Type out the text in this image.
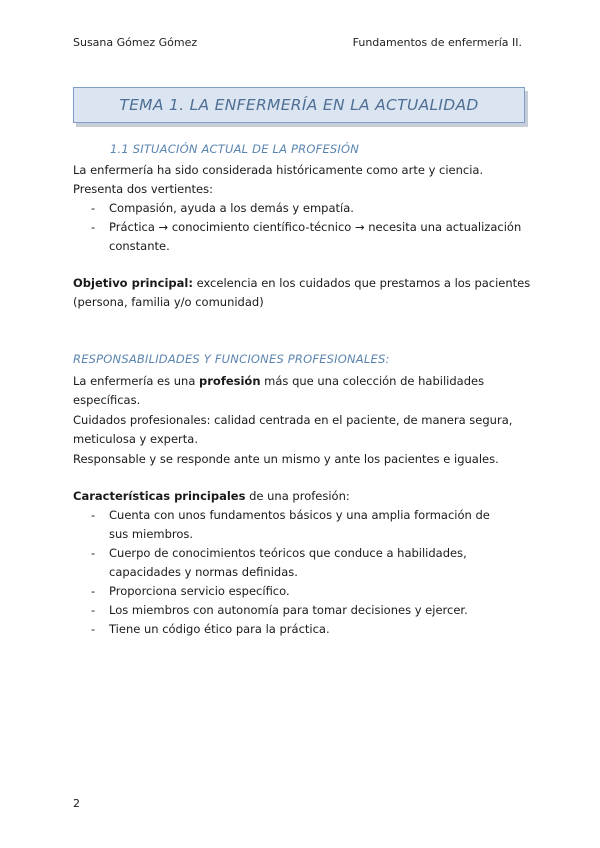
Susana Gómez Gómez	Fundamentos de enfermería II.
TEMA 1. LA ENFERMERÍA EN LA ACTUALIDAD
1.1 SITUACIÓN ACTUAL DE LA PROFESIÓN
La enfermería ha sido considerada históricamente como arte y ciencia.
Presenta dos vertientes:
- Compasión, ayuda a los demás y empatía.
- Práctica → conocimiento científico-técnico → necesita una actualización
constante.
Objetivo principal: excelencia en los cuidados que prestamos a los pacientes
(persona, familia y/o comunidad)
RESPONSABILIDADES Y FUNCIONES PROFESIONALES:
La enfermería es una profesión más que una colección de habilidades
específicas.
Cuidados profesionales: calidad centrada en el paciente, de manera segura,
meticulosa y experta.
Responsable y se responde ante un mismo y ante los pacientes e iguales.
Características principales de una profesión:
- Cuenta con unos fundamentos básicos y una amplia formación de sus miembros.
- Cuerpo de conocimientos teóricos que conduce a habilidades, capacidades y normas definidas.
- Proporciona servicio específico.
- Los miembros con autonomía para tomar decisiones y ejercer.
- Tiene un código ético para la práctica.
2
